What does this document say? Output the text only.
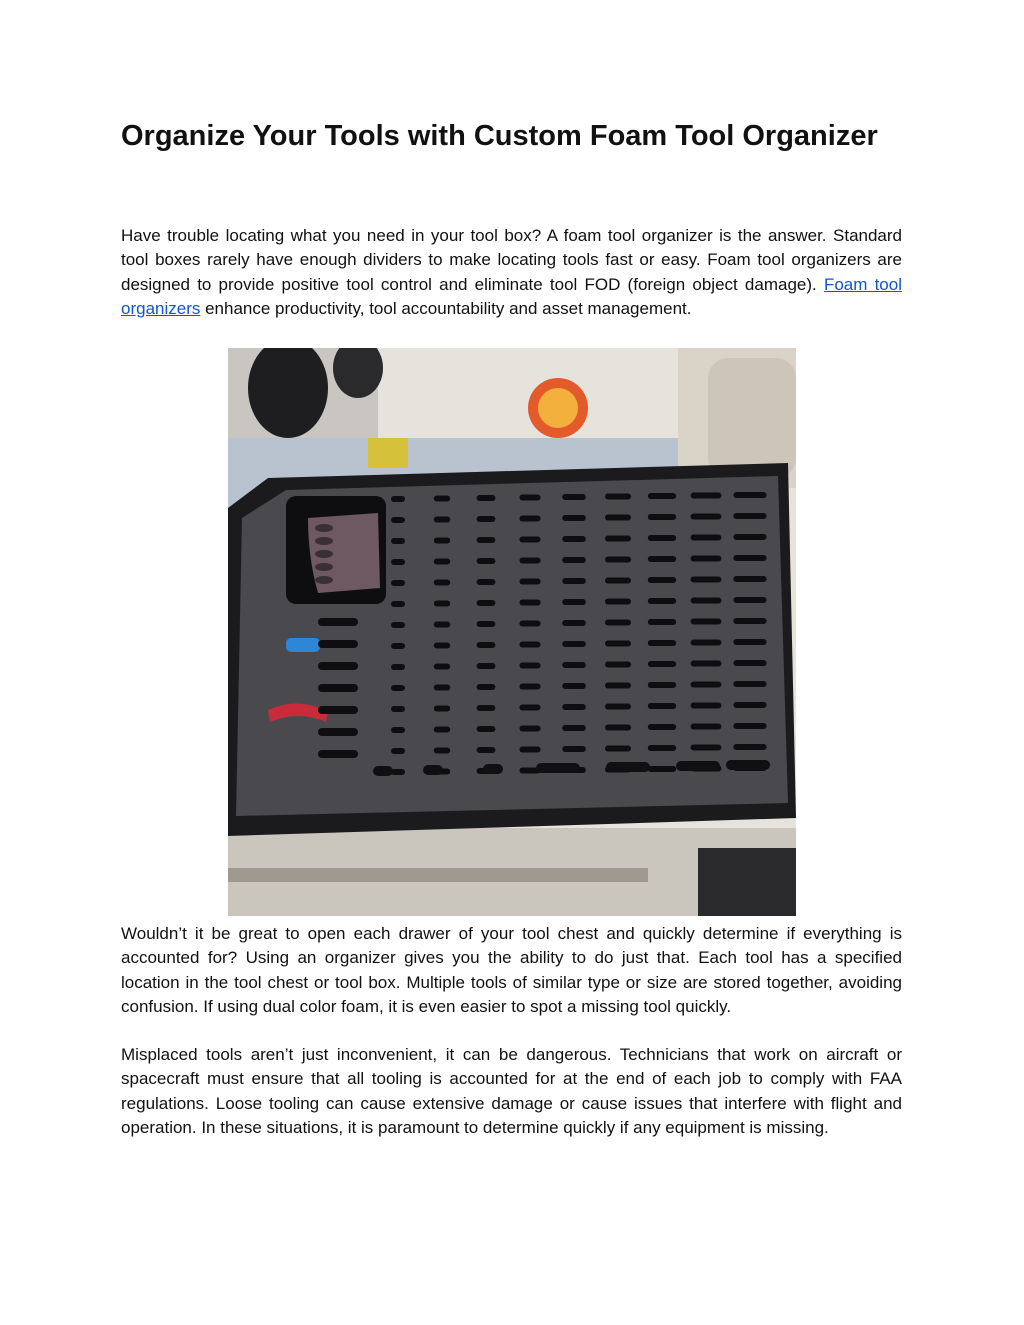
Organize Your Tools with Custom Foam Tool Organizer

Have trouble locating what you need in your tool box? A foam tool organizer is the answer. Standard tool boxes rarely have enough dividers to make locating tools fast or easy. Foam tool organizers are designed to provide positive tool control and eliminate tool FOD (foreign object damage). Foam tool organizers enhance productivity, tool accountability and asset management.

Wouldn’t it be great to open each drawer of your tool chest and quickly determine if everything is accounted for? Using an organizer gives you the ability to do just that. Each tool has a specified location in the tool chest or tool box. Multiple tools of similar type or size are stored together, avoiding confusion. If using dual color foam, it is even easier to spot a missing tool quickly.

Misplaced tools aren’t just inconvenient, it can be dangerous. Technicians that work on aircraft or spacecraft must ensure that all tooling is accounted for at the end of each job to comply with FAA regulations. Loose tooling can cause extensive damage or cause issues that interfere with flight and operation. In these situations, it is paramount to determine quickly if any equipment is missing.
